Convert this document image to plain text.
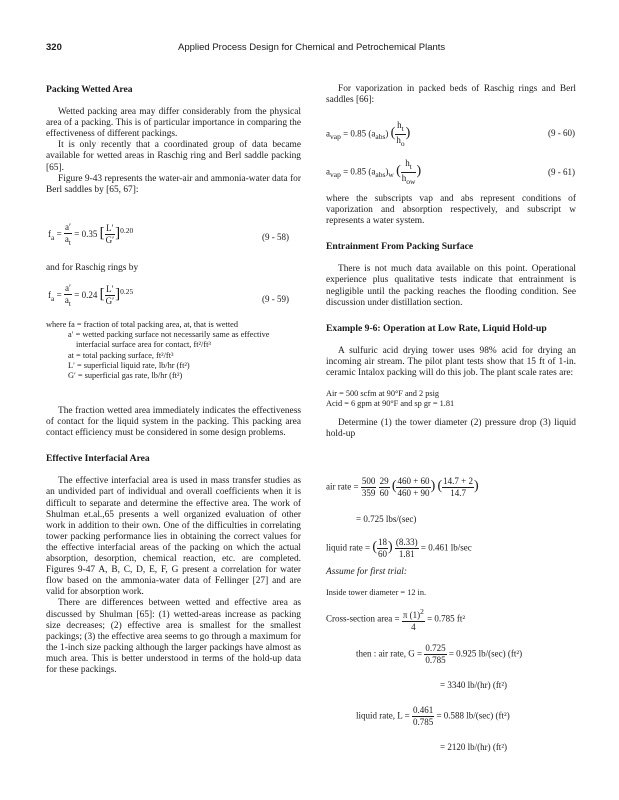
320	Applied Process Design for Chemical and Petrochemical Plants
Packing Wetted Area
Wetted packing area may differ considerably from the physical area of a packing. This is of particular importance in comparing the effectiveness of different packings.
It is only recently that a coordinated group of data became available for wetted areas in Raschig ring and Berl saddle packing [65].
Figure 9-43 represents the water-air and ammonia-water data for Berl saddles by [65, 67]:
$f_a = \frac{a'}{a_t} = 0.35$ [ $\frac{L'}{G'} ]^{0.20}$
(9 - 58)
and for Raschig rings by
$f_a = \frac{a'}{a_t} = 0.24$ [ $\frac{L'}{G'} ]^{0.25}$
(9 - 59)
where fa = fraction of total packing area, at, that is wetted
a′ = wetted packing surface not necessarily same as effective interfacial surface area for contact, ft²/ft³
at = total packing surface, ft²/ft³
L′ = superficial liquid rate, lb/hr (ft²)
G′ = superficial gas rate, lb/hr (ft²)
The fraction wetted area immediately indicates the effectiveness of contact for the liquid system in the packing. This packing area contact efficiency must be considered in some design problems.
Effective Interfacial Area
The effective interfacial area is used in mass transfer studies as an undivided part of individual and overall coefficients when it is difficult to separate and determine the effective area. The work of Shulman et.al.,65 presents a well organized evaluation of other work in addition to their own. One of the difficulties in correlating tower packing performance lies in obtaining the correct values for the effective interfacial areas of the packing on which the actual absorption, desorption, chemical reaction, etc. are completed. Figures 9-47 A, B, C, D, E, F, G present a correlation for water flow based on the ammonia-water data of Fellinger [27] and are valid for absorption work.
There are differences between wetted and effective area as discussed by Shulman [65]: (1) wetted-areas increase as packing size decreases; (2) effective area is smallest for the smallest packings; (3) the effective area seems to go through a maximum for the 1-inch size packing although the larger packings have almost as much area. This is better understood in terms of the hold-up data for these packings.
For vaporization in packed beds of Raschig rings and Berl saddles [66]:
$a_{vap} = 0.85$ $(a_{abs})$ ( $\frac{h_t}{h_o}$ )	(9 - 60)
$a_{vap} = 0.85$ $(a_{abs})_w$ ( $\frac{h_t}{h_{ow}}$ )	(9 - 61)
where the subscripts vap and abs represent conditions of vaporization and absorption respectively, and subscript w represents a water system.
Entrainment From Packing Surface
There is not much data available on this point. Operational experience plus qualitative tests indicate that entrainment is negligible until the packing reaches the flooding condition. See discussion under distillation section.
Example 9-6: Operation at Low Rate, Liquid Hold-up
A sulfuric acid drying tower uses 98% acid for drying an incoming air stream. The pilot plant tests show that 15 ft of 1-in. ceramic Intalox packing will do this job. The plant scale rates are:
Air = 500 scfm at 90°F and 2 psig
Acid = 6 gpm at 90°F and sp gr = 1.81
Determine (1) the tower diameter (2) pressure drop (3) liquid hold-up
air rate = $\frac{500}{359}$
$\frac{29}{60}$ ( $\frac{460 + 60}{460 + 90}$ ) ( $\frac{14.7 + 2}{14.7}$ )
= 0.725 lbs/(sec)
liquid rate = ( $\frac{18}{60}$ ) $\frac{(8.33)}{1.81} = 0.461$ lb/sec
Assume for first trial:
Inside tower diameter = 12 in.
Cross-section area = $\frac{\pi (1)^2}{4} = 0.785$ ft²
then : air rate, $G = \frac{0.725}{0.785} = 0.925$ lb/(sec) (ft²)
= 3340 lb/(hr) (ft²)
liquid rate, $L = \frac{0.461}{0.785} = 0.588$ lb/(sec) (ft²)
= 2120 lb/(hr) (ft²)
